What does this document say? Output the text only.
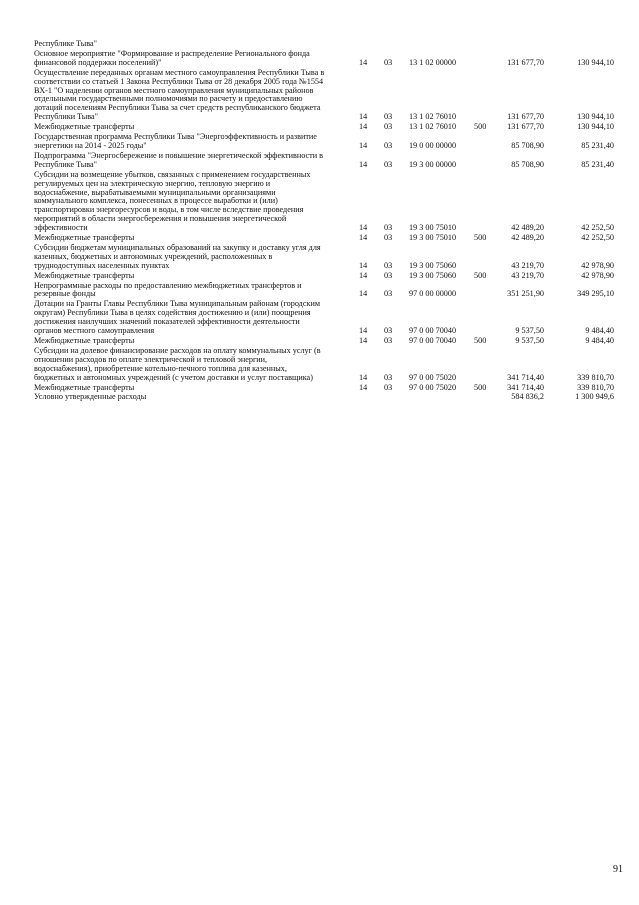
Республике Тыва"
Основное мероприятие "Формирование и распределение Регионального фонда
финансовой поддержки поселений)"	14 03 13 1 02 00000	131 677,70	130 944,10
Осуществление переданных органам местного самоуправления Республики Тыва в
соответствии со статьей 1 Закона Республики Тыва от 28 декабря 2005 года №1554
ВХ-1 "О наделении органов местного самоуправления муниципальных районов
отдельными государственными полномочиями по расчету и предоставлению
дотаций поселениям Республики Тыва за счет средств республиканского бюджета
Республики Тыва"	14 03 13 1 02 76010	131 677,70	130 944,10
Межбюджетные трансферты	14 03 13 1 02 76010 500	131 677,70	130 944,10
Государственная программа Республики Тыва "Энергоэффективность и развитие
энергетики на 2014 - 2025 годы"	14 03 19 0 00 00000	85 708,90	85 231,40
Подпрограмма "Энергосбережение и повышение энергетической эффективности в
Республике Тыва"	14 03 19 3 00 00000	85 708,90	85 231,40
Субсидии на возмещение убытков, связанных с применением государственных
регулируемых цен на электрическую энергию, тепловую энергию и
водоснабжение, вырабатываемыми муниципальными организациями
коммунального комплекса, понесенных в процессе выработки и (или)
транспортировки энергоресурсов и воды, в том числе вследствие проведения
мероприятий в области энергосбережения и повышения энергетической
эффективности	14 03 19 3 00 75010	42 489,20	42 252,50
Межбюджетные трансферты	14 03 19 3 00 75010 500	42 489,20	42 252,50
Субсидии бюджетам муниципальных образований на закупку и доставку угля для
казенных, бюджетных и автономных учреждений, расположенных в
труднодоступных населенных пунктах	14 03 19 3 00 75060	43 219,70	42 978,90
Межбюджетные трансферты	14 03 19 3 00 75060 500	43 219,70	42 978,90
Непрограммные расходы по предоставлению межбюджетных трансфертов и
резервные фонды	14 03 97 0 00 00000	351 251,90	349 295,10
Дотации на Гранты Главы Республики Тыва муниципальным районам (городским
округам) Республики Тыва в целях содействия достижению и (или) поощрения
достижения наилучших значений показателей эффективности деятельности
органов местного самоуправления	14 03 97 0 00 70040	9 537,50	9 484,40
Межбюджетные трансферты	14 03 97 0 00 70040 500	9 537,50	9 484,40
Субсидии на долевое финансирование расходов на оплату коммунальных услуг (в
отношении расходов по оплате электрической и тепловой энергии,
водоснабжения), приобретение котельно-печного топлива для казенных,
бюджетных и автономных учреждений (с учетом доставки и услуг поставщика)	14 03 97 0 00 75020	341 714,40	339 810,70
Межбюджетные трансферты	14 03 97 0 00 75020 500	341 714,40	339 810,70
Условно утвержденные расходы	584 836,2	1 300 949,6
91
